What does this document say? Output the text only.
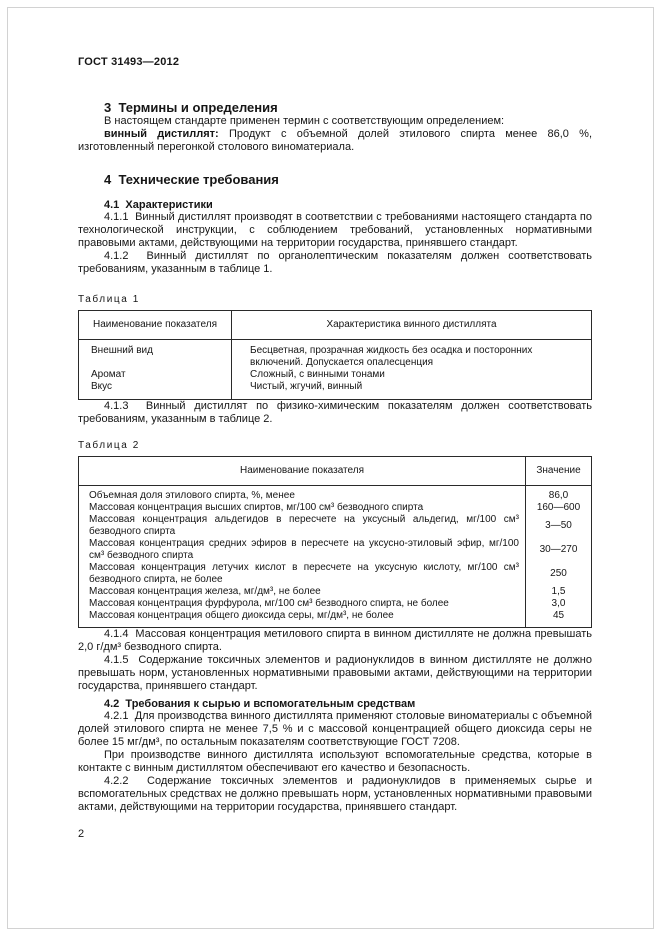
ГОСТ 31493—2012
3  Термины и определения

В настоящем стандарте применен термин с соответствующим определением:

винный дистиллят: Продукт с объемной долей этилового спирта менее 86,0 %, изготовленный перегонкой столового виноматериала.

4  Технические требования
4.1  Характеристики

4.1.1  Винный дистиллят производят в соответствии с требованиями настоящего стандарта по технологической инструкции, с соблюдением требований, установленных нормативными правовыми актами, действующими на территории государства, принявшего стандарт.

4.1.2  Винный дистиллят по органолептическим показателям должен соответствовать требованиям, указанным в таблице 1.

Таблица 1

Наименование показателя	Характеристика винного дистиллята
Внешний вид	Бесцветная, прозрачная жидкость без осадка и посторонних включений. Допускается опалесценция
Аромат	Сложный, с винными тонами
Вкус	Чистый, жгучий, винный

4.1.3  Винный дистиллят по физико-химическим показателям должен соответствовать требованиям, указанным в таблице 2.

Таблица 2

Наименование показателя	Значение
Объемная доля этилового спирта, %, менее	86,0
Массовая концентрация высших спиртов, мг/100 см³ безводного спирта	160—600
Массовая концентрация альдегидов в пересчете на уксусный альдегид, мг/100 см³ безводного спирта	3—50
Массовая концентрация средних эфиров в пересчете на уксусно-этиловый эфир, мг/100 см³ безводного спирта	30—270
Массовая концентрация летучих кислот в пересчете на уксусную кислоту, мг/100 см³ безводного спирта, не более	250
Массовая концентрация железа, мг/дм³, не более	1,5
Массовая концентрация фурфурола, мг/100 см³ безводного спирта, не более	3,0
Массовая концентрация общего диоксида серы, мг/дм³, не более	45

4.1.4  Массовая концентрация метилового спирта в винном дистилляте не должна превышать 2,0 г/дм³ безводного спирта.

4.1.5  Содержание токсичных элементов и радионуклидов в винном дистилляте не должно превышать норм, установленных нормативными правовыми актами, действующими на территории государства, принявшего стандарт.

4.2  Требования к сырью и вспомогательным средствам

4.2.1  Для производства винного дистиллята применяют столовые виноматериалы с объемной долей этилового спирта не менее 7,5 % и с массовой концентрацией общего диоксида серы не более 15 мг/дм³, по остальным показателям соответствующие ГОСТ 7208.

При производстве винного дистиллята используют вспомогательные средства, которые в контакте с винным дистиллятом обеспечивают его качество и безопасность.

4.2.2  Содержание токсичных элементов и радионуклидов в применяемых сырье и вспомогательных средствах не должно превышать норм, установленных нормативными правовыми актами, действующими на территории государства, принявшего стандарт.

2
